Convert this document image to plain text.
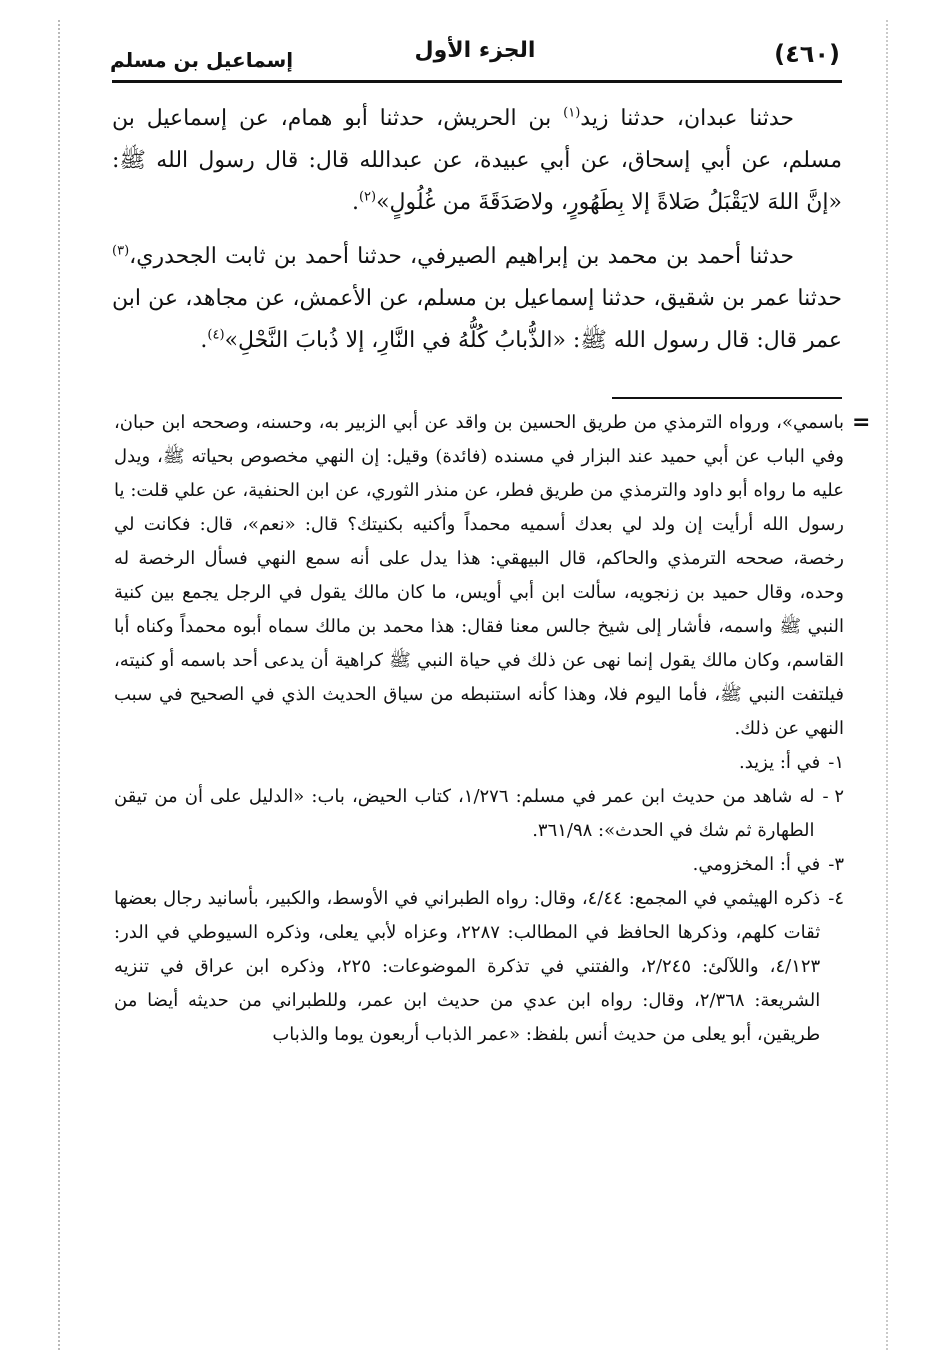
(٤٦٠)
الجزء الأول
إسماعيل بن مسلم

حدثنا عبدان، حدثنا زيد$^{(١)}$ بن الحريش، حدثنا أبو همام، عن إسماعيل بن مسلم، عن أبي إسحاق، عن أبي عبيدة، عن عبدالله قال: قال رسول الله ﷺ: «إنَّ اللهَ لايَقْبَلُ صَلاةً إلا بِطَهُورٍ، ولاصَدَقَةَ من غُلُولٍ»$^{(٢)}$.

حدثنا أحمد بن محمد بن إبراهيم الصيرفي، حدثنا أحمد بن ثابت الجحدري،$^{(٣)}$ حدثنا عمر بن شقيق، حدثنا إسماعيل بن مسلم، عن الأعمش، عن مجاهد، عن ابن عمر قال: قال رسول الله ﷺ: «الذُّبابُ كُلُّهُ في النَّارِ، إلا ذُبابَ النَّحْلِ»$^{(٤)}$.

=

باسمي»، ورواه الترمذي من طريق الحسين بن واقد عن أبي الزبير به، وحسنه، وصححه ابن حبان، وفي الباب عن أبي حميد عند البزار في مسنده (فائدة) وقيل: إن النهي مخصوص بحياته ﷺ، ويدل عليه ما رواه أبو داود والترمذي من طريق فطر، عن منذر الثوري، عن ابن الحنفية، عن علي قلت: يا رسول الله أرأيت إن ولد لي بعدك أسميه محمداً وأكنيه بكنيتك؟ قال: «نعم»، قال: فكانت لي رخصة، صححه الترمذي والحاكم، قال البيهقي: هذا يدل على أنه سمع النهي فسأل الرخصة له وحده، وقال حميد بن زنجويه، سألت ابن أبي أويس، ما كان مالك يقول في الرجل يجمع بين كنية النبي ﷺ واسمه، فأشار إلى شيخ جالس معنا فقال: هذا محمد بن مالك سماه أبوه محمداً وكناه أبا القاسم، وكان مالك يقول إنما نهى عن ذلك في حياة النبي ﷺ كراهية أن يدعى أحد باسمه أو كنيته، فيلتفت النبي ﷺ، فأما اليوم فلا، وهذا كأنه استنبطه من سياق الحديث الذي في الصحيح في سبب النهي عن ذلك.

١-
في أ: يزيد.
٢ -
له شاهد من حديث ابن عمر في مسلم: ١/٢٧٦، كتاب الحيض، باب: «الدليل على أن من تيقن الطهارة ثم شك في الحدث»: ٣٦١/٩٨.
٣-
في أ: المخزومي.
٤-
ذكره الهيثمي في المجمع: ٤/٤٤، وقال: رواه الطبراني في الأوسط، والكبير، بأسانيد رجال بعضها ثقات كلهم، وذكرها الحافظ في المطالب: ٢٢٨٧، وعزاه لأبي يعلى، وذكره السيوطي في الدر: ٤/١٢٣، واللآلئ: ٢/٢٤٥، والفتني في تذكرة الموضوعات: ٢٢٥، وذكره ابن عراق في تنزيه الشريعة: ٢/٣٦٨، وقال: رواه ابن عدي من حديث ابن عمر، وللطبراني من حديثه أيضا من طريقين، أبو يعلى من حديث أنس بلفظ: «عمر الذباب أربعون يوما والذباب
